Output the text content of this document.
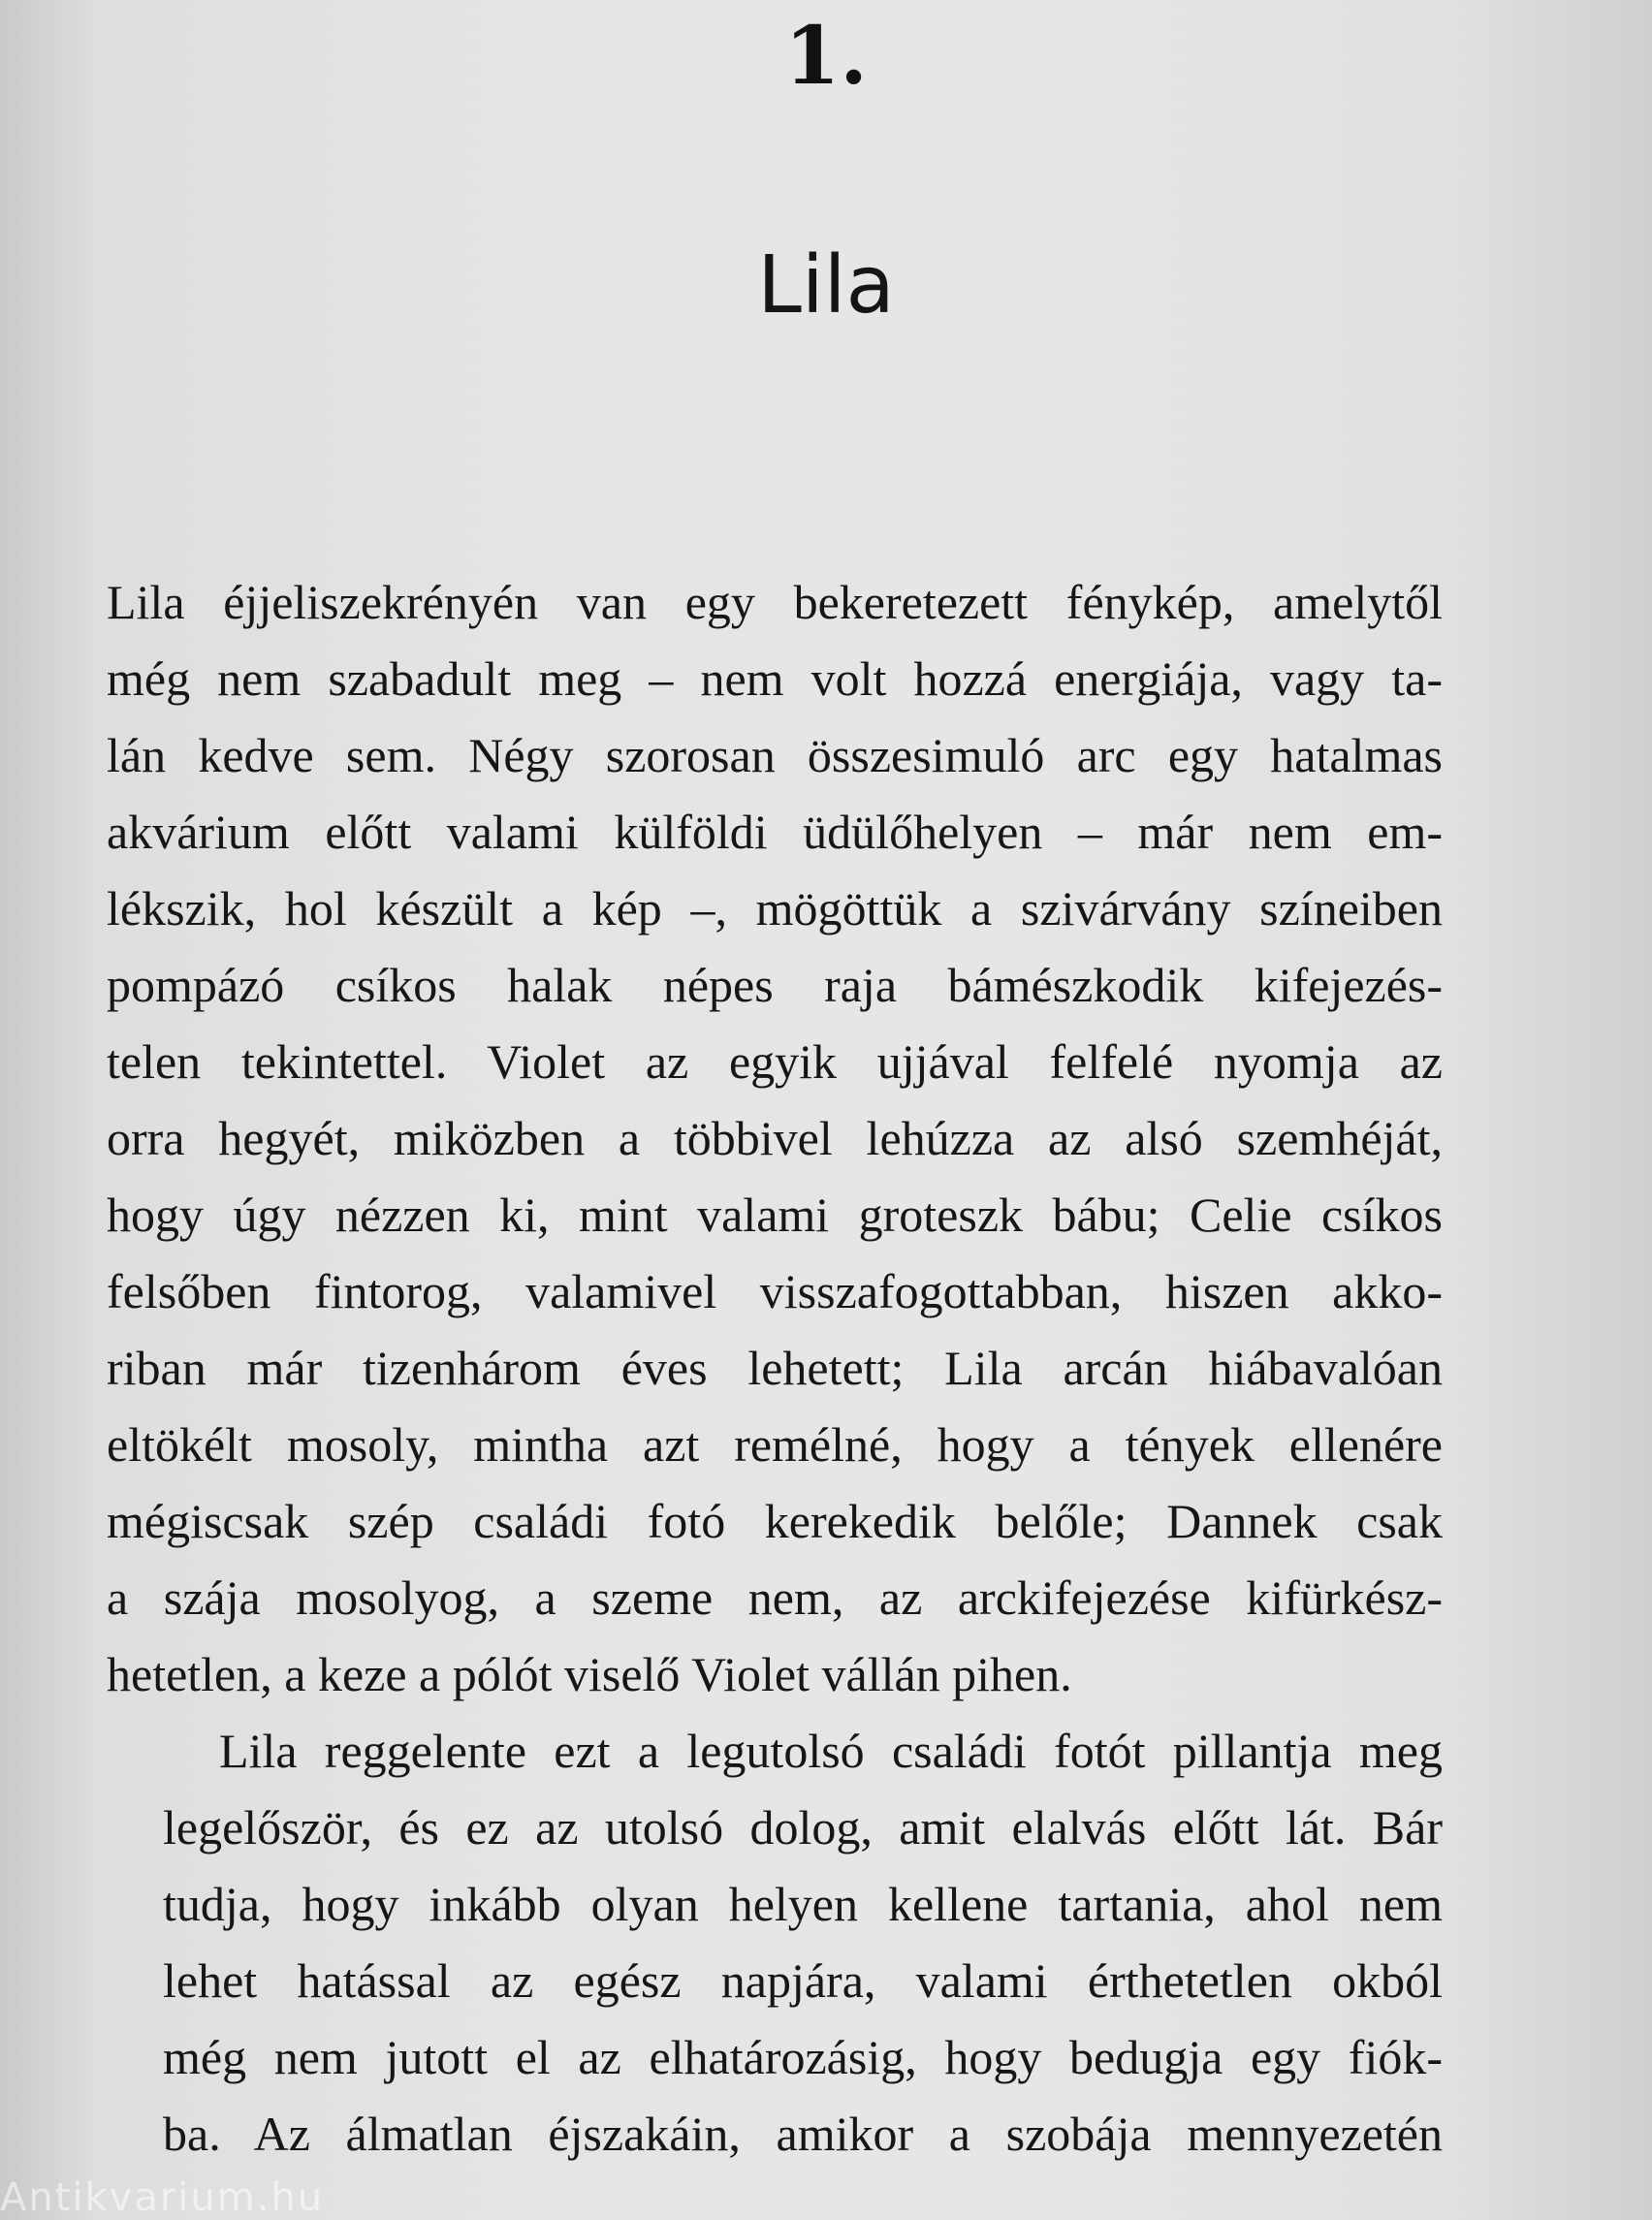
1.
Lila

Lila éjjeliszekrényén van egy bekeretezett fénykép, amelytől
még nem szabadult meg – nem volt hozzá energiája, vagy ta-
lán kedve sem. Négy szorosan összesimuló arc egy hatalmas
akvárium előtt valami külföldi üdülőhelyen – már nem em-
lékszik, hol készült a kép –, mögöttük a szivárvány színeiben
pompázó csíkos halak népes raja bámészkodik kifejezés-
telen tekintettel. Violet az egyik ujjával felfelé nyomja az
orra hegyét, miközben a többivel lehúzza az alsó szemhéját,
hogy úgy nézzen ki, mint valami groteszk bábu; Celie csíkos
felsőben fintorog, valamivel visszafogottabban, hiszen akko-
riban már tizenhárom éves lehetett; Lila arcán hiábavalóan
eltökélt mosoly, mintha azt remélné, hogy a tények ellenére
mégiscsak szép családi fotó kerekedik belőle; Dannek csak
a szája mosolyog, a szeme nem, az arckifejezése kifürkész-
hetetlen, a keze a pólót viselő Violet vállán pihen.

Lila reggelente ezt a legutolsó családi fotót pillantja meg
legelőször, és ez az utolsó dolog, amit elalvás előtt lát. Bár
tudja, hogy inkább olyan helyen kellene tartania, ahol nem
lehet hatással az egész napjára, valami érthetetlen okból
még nem jutott el az elhatározásig, hogy bedugja egy fiók-
ba. Az álmatlan éjszakáin, amikor a szobája mennyezetén

Antikvarium.hu
